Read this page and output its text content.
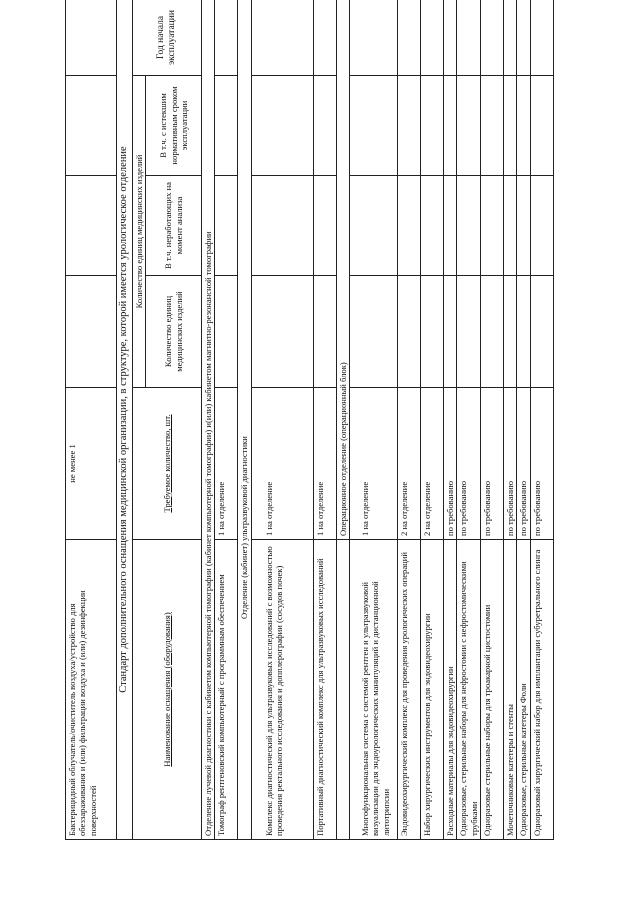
Бактерицидный облучатель/очиститель воздуха/устройство для обеззараживания и (или) фильтрации воздуха и (или) дезинфекции поверхностей	не менее 1				
Стандарт дополнительного оснащения медицинской организации, в структуре, которой имеется урологическое отделение					
Наименование оснащения (оборудования)	Требуемое количество, шт.	Количество единиц медицинских изделий			Год начала эксплуатации
		Количество единиц медицинских изделий	В т.ч. неработающих на момент анализа	В т.ч. с истекшим нормативным сроком эксплуатации	
Отделение лучевой диагностики с кабинетом компьютерной томографии (кабинет компьютерной томографии) и(или) кабинетом магнитно-резонансной томографии					
Томограф рентгеновский компьютерный с программным обеспечением	1 на отделение				
Отделение (кабинет) ультразвуковой диагностики					
Комплекс диагностический для ультразвуковых исследований с возможностью проведения ректального исследования и допплерографии (сосудов почек)	1 на отделение				
Портативный диагностический комплекс для ультразвуковых исследований	1 на отделение				
	Операционное отделение (операционный блок)				
Многофункциональная система с системой рентген и ультразвуковой визуализации для эндоурологических манипуляций и дистанционной литотрипсии	1 на отделение				
Эндовидеохирургический комплекс для проведения урологических операций	2 на отделение				
Набор хирургических инструментов для эндовидеохирургии	2 на отделение				
Расходные материалы для эндовидеохирургии	по требованию				
Одноразовые, стерильные наборы для нефростомии с нефростомическими трубками	по требованию				
Одноразовые стерильные наборы для троакарной цистостомии	по требованию				
Мочеточниковые катетеры и стенты	по требованию				
Одноразовые, стерильные катетеры Фоли	по требованию				
Одноразовый хирургический набор для имплантации субуретрального слинга	по требованию				
